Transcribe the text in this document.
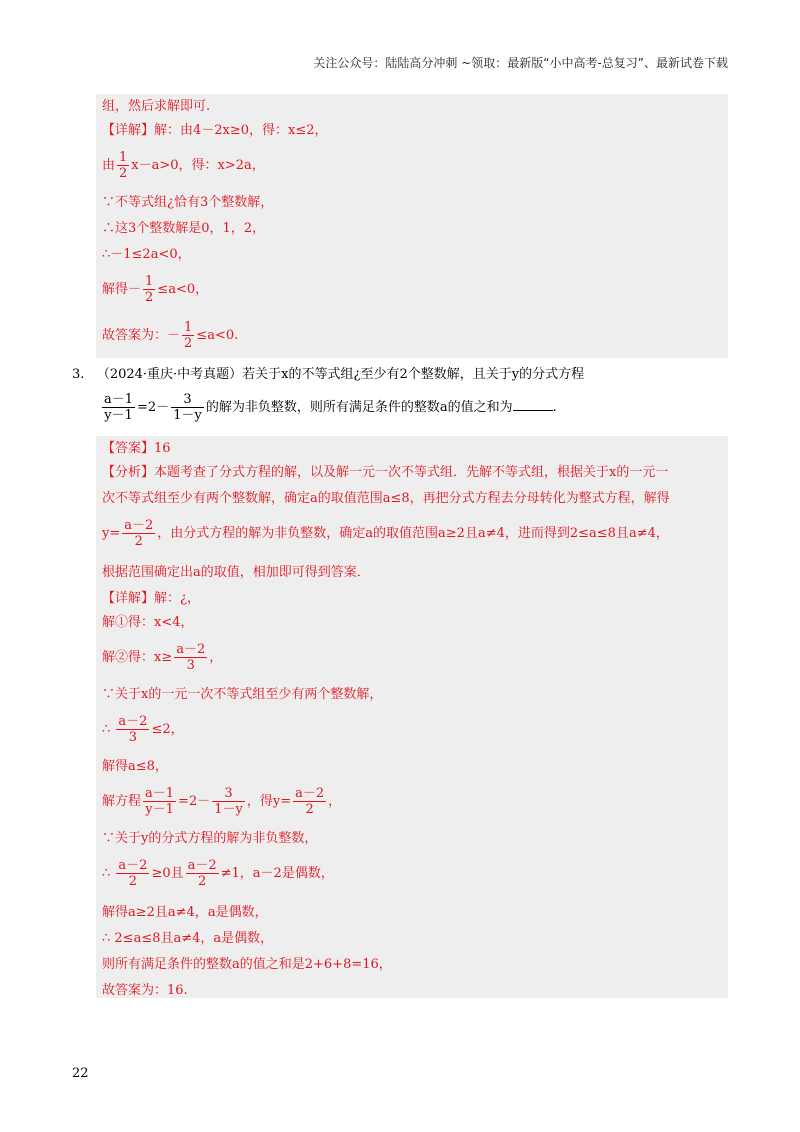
关注公众号：陆陆高分冲刺 ~领取：最新版“小中高考-总复习”、最新试卷下载
组，然后求解即可.
【详解】解：由4－2x≥0，得：x≤2，
由 $\frac{1}{2} x-a>0$，得：x>2a，
∵不等式组¿恰有3个整数解，
∴这3个整数解是0，1，2，
∴－1≤2a<0，
解得－ $\frac{1}{2} \le a<0$，
故答案为：－ $\frac{1}{2} \le a<0$.
3. （2024·重庆·中考真题）若关于x的不等式组¿至少有2个整数解，且关于y的分式方程
$\frac{a-1}{y-1} =2- \frac{3}{1-y}$ 的解为非负整数，则所有满足条件的整数a的值之和为	.
【答案】16
【分析】本题考查了分式方程的解，以及解一元一次不等式组．先解不等式组，根据关于x的一元一
次不等式组至少有两个整数解，确定a的取值范围a≤8，再把分式方程去分母转化为整式方程，解得
$y= \frac{a-2}{2}$ ，由分式方程的解为非负整数，确定a的取值范围a≥2且a≠4，进而得到2≤a≤8且a≠4，
根据范围确定出a的取值，相加即可得到答案．
【详解】解：¿，
解①得：x<4，
解②得：$x\ge \frac{a-2}{3}$ ，
∵关于x的一元一次不等式组至少有两个整数解，
∴ $\frac{a-2}{3} \le 2$，
解得a≤8，
解方程 $\frac{a-1}{y-1} =2- \frac{3}{1-y}$ ，得$y= \frac{a-2}{2}$ ，
∵关于y的分式方程的解为非负整数，
∴ $\frac{a-2}{2} \ge 0$且 $\frac{a-2}{2} \ne 1$，a－2是偶数，
解得a≥2且a≠4，a是偶数，
∴ 2≤a≤8且a≠4，a是偶数，
则所有满足条件的整数a的值之和是2+6+8=16，
故答案为：16.
22
